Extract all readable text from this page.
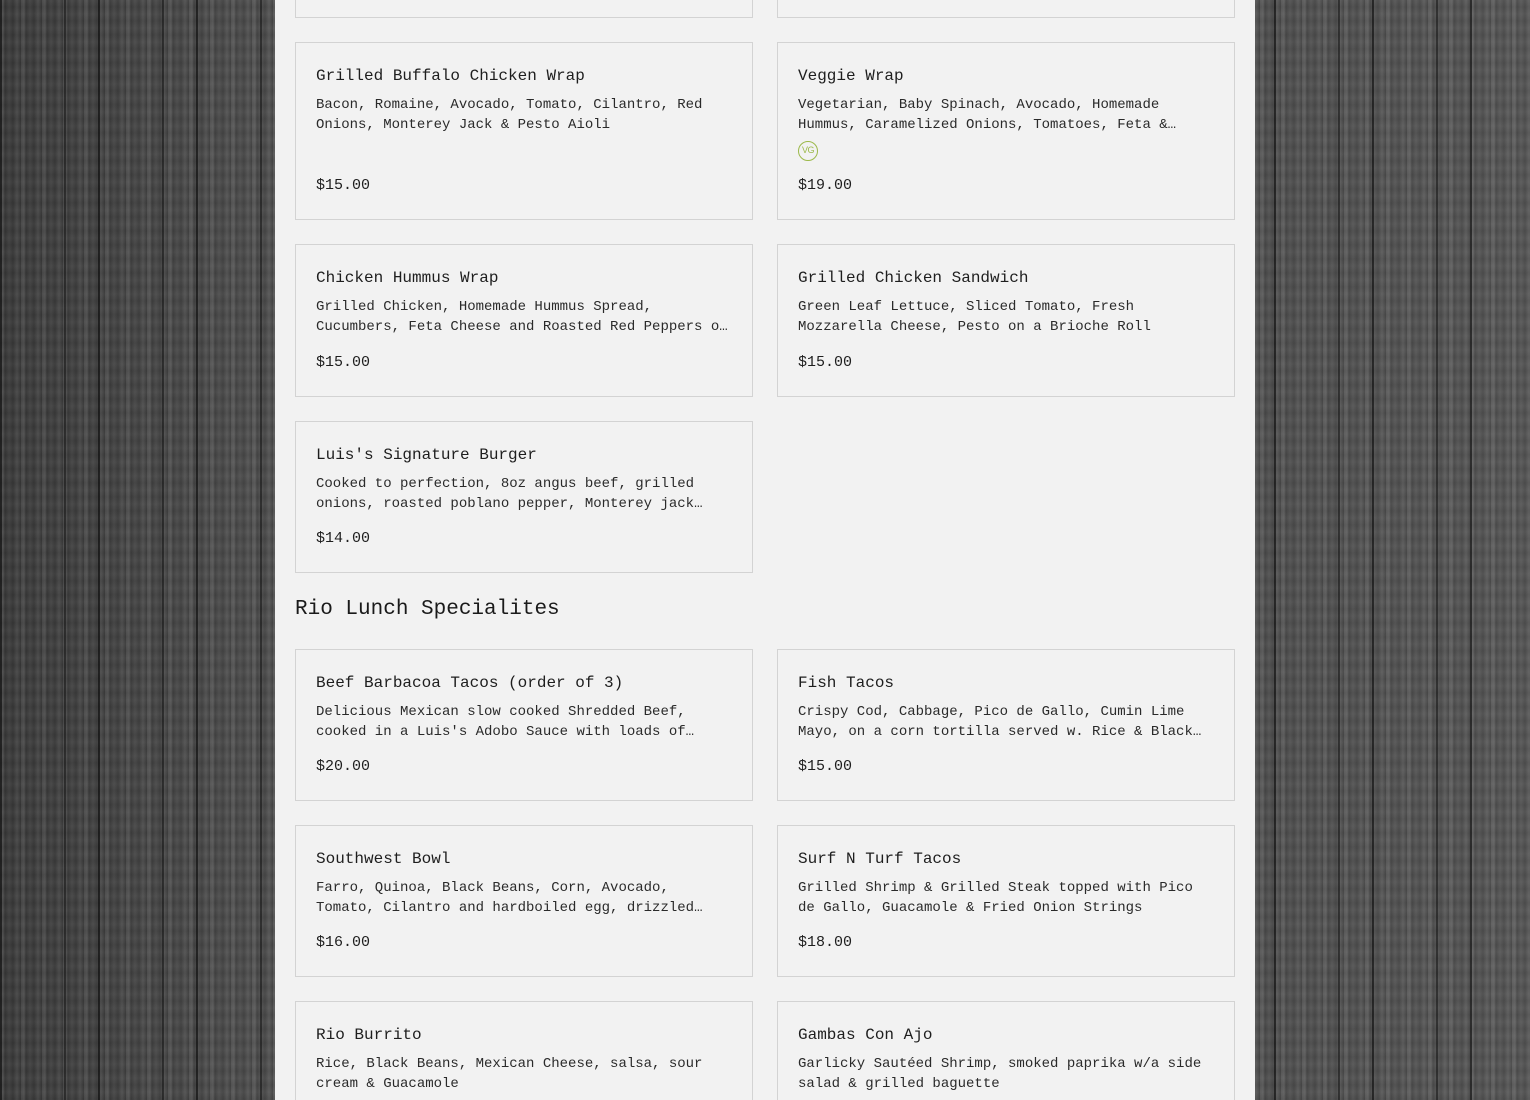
Grilled Buffalo Chicken Wrap
Bacon, Romaine, Avocado, Tomato, Cilantro, Red Onions, Monterey Jack & Pesto Aioli
$15.00
Veggie Wrap
Vegetarian, Baby Spinach, Avocado, Homemade Hummus, Caramelized Onions, Tomatoes, Feta &
VG
$19.00
Chicken Hummus Wrap
Grilled Chicken, Homemade Hummus Spread, Cucumbers, Feta Cheese and Roasted Red Peppers on
$15.00
Grilled Chicken Sandwich
Green Leaf Lettuce, Sliced Tomato, Fresh Mozzarella Cheese, Pesto on a Brioche Roll
$15.00
Luis's Signature Burger
Cooked to perfection, 8oz angus beef, grilled onions, roasted poblano pepper, Monterey jack
$14.00
Rio Lunch Specialites
Beef Barbacoa Tacos (order of 3)
Delicious Mexican slow cooked Shredded Beef, cooked in a Luis's Adobo Sauce with loads of
$20.00
Fish Tacos
Crispy Cod, Cabbage, Pico de Gallo, Cumin Lime Mayo, on a corn tortilla served w. Rice & Black
$15.00
Southwest Bowl
Farro, Quinoa, Black Beans, Corn, Avocado, Tomato, Cilantro and hardboiled egg, drizzled
$16.00
Surf N Turf Tacos
Grilled Shrimp & Grilled Steak topped with Pico de Gallo, Guacamole & Fried Onion Strings
$18.00
Rio Burrito
Rice, Black Beans, Mexican Cheese, salsa, sour cream & Guacamole
Gambas Con Ajo
Garlicky Sautéed Shrimp, smoked paprika w/a side salad & grilled baguette
